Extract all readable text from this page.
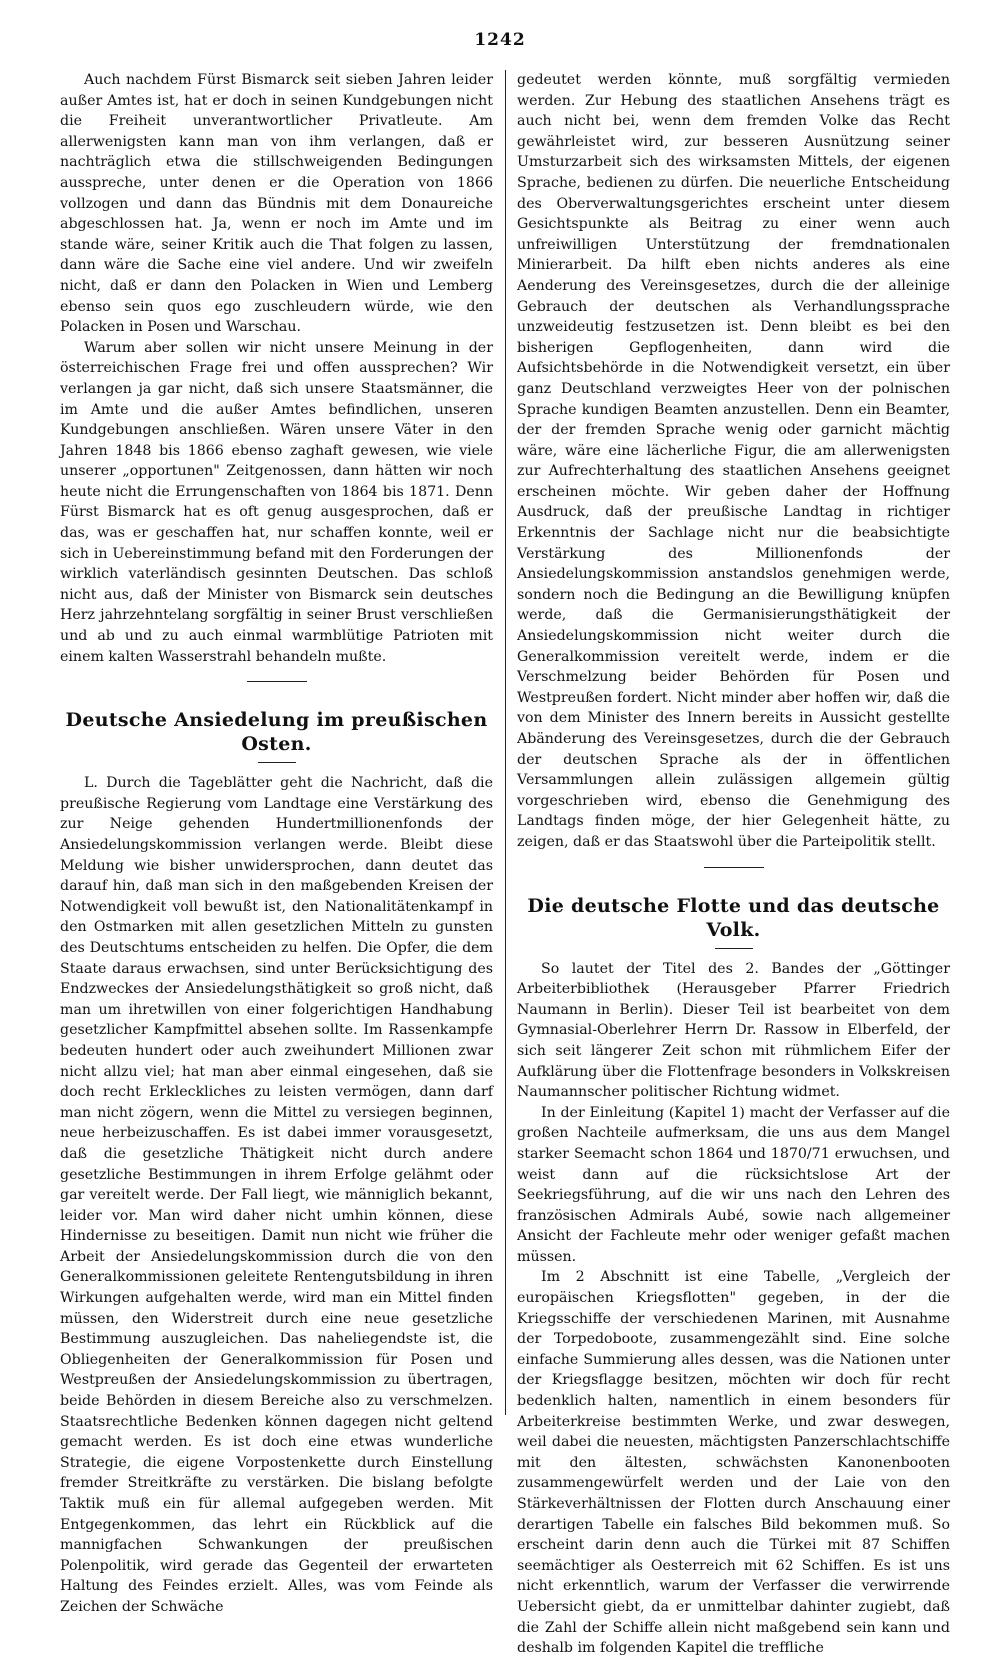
1242

Auch nachdem Fürst Bismarck seit sieben Jahren leider außer Amtes ist, hat er doch in seinen Kundgebungen nicht die Freiheit unverantwortlicher Privatleute. Am allerwenigsten kann man von ihm verlangen, daß er nachträglich etwa die stillschweigenden Bedingungen ausspreche, unter denen er die Operation von 1866 vollzogen und dann das Bündnis mit dem Donaureiche abgeschlossen hat. Ja, wenn er noch im Amte und im stande wäre, seiner Kritik auch die That folgen zu lassen, dann wäre die Sache eine viel andere. Und wir zweifeln nicht, daß er dann den Polacken in Wien und Lemberg ebenso sein quos ego zuschleudern würde, wie den Polacken in Posen und Warschau.

Warum aber sollen wir nicht unsere Meinung in der österreichischen Frage frei und offen aussprechen? Wir verlangen ja gar nicht, daß sich unsere Staatsmänner, die im Amte und die außer Amtes befindlichen, unseren Kundgebungen anschließen. Wären unsere Väter in den Jahren 1848 bis 1866 ebenso zaghaft gewesen, wie viele unserer „opportunen" Zeitgenossen, dann hätten wir noch heute nicht die Errungenschaften von 1864 bis 1871. Denn Fürst Bismarck hat es oft genug ausgesprochen, daß er das, was er geschaffen hat, nur schaffen konnte, weil er sich in Uebereinstimmung befand mit den Forderungen der wirklich vaterländisch gesinnten Deutschen. Das schloß nicht aus, daß der Minister von Bismarck sein deutsches Herz jahrzehntelang sorgfältig in seiner Brust verschließen und ab und zu auch einmal warmblütige Patrioten mit einem kalten Wasserstrahl behandeln mußte.

Deutsche Ansiedelung im preußischen Osten.

L. Durch die Tageblätter geht die Nachricht, daß die preußische Regierung vom Landtage eine Verstärkung des zur Neige gehenden Hundertmillionenfonds der Ansiedelungskommission verlangen werde. Bleibt diese Meldung wie bisher unwidersprochen, dann deutet das darauf hin, daß man sich in den maßgebenden Kreisen der Notwendigkeit voll bewußt ist, den Nationalitätenkampf in den Ostmarken mit allen gesetzlichen Mitteln zu gunsten des Deutschtums entscheiden zu helfen. Die Opfer, die dem Staate daraus erwachsen, sind unter Berücksichtigung des Endzweckes der Ansiedelungsthätigkeit so groß nicht, daß man um ihretwillen von einer folgerichtigen Handhabung gesetzlicher Kampfmittel absehen sollte. Im Rassenkampfe bedeuten hundert oder auch zweihundert Millionen zwar nicht allzu viel; hat man aber einmal eingesehen, daß sie doch recht Erkleckliches zu leisten vermögen, dann darf man nicht zögern, wenn die Mittel zu versiegen beginnen, neue herbeizuschaffen. Es ist dabei immer vorausgesetzt, daß die gesetzliche Thätigkeit nicht durch andere gesetzliche Bestimmungen in ihrem Erfolge gelähmt oder gar vereitelt werde. Der Fall liegt, wie männiglich bekannt, leider vor. Man wird daher nicht umhin können, diese Hindernisse zu beseitigen. Damit nun nicht wie früher die Arbeit der Ansiedelungskommission durch die von den Generalkommissionen geleitete Rentengutsbildung in ihren Wirkungen aufgehalten werde, wird man ein Mittel finden müssen, den Widerstreit durch eine neue gesetzliche Bestimmung auszugleichen. Das naheliegendste ist, die Obliegenheiten der Generalkommission für Posen und Westpreußen der Ansiedelungskommission zu übertragen, beide Behörden in diesem Bereiche also zu verschmelzen. Staatsrechtliche Bedenken können dagegen nicht geltend gemacht werden. Es ist doch eine etwas wunderliche Strategie, die eigene Vorpostenkette durch Einstellung fremder Streitkräfte zu verstärken. Die bislang befolgte Taktik muß ein für allemal aufgegeben werden. Mit Entgegenkommen, das lehrt ein Rückblick auf die mannigfachen Schwankungen der preußischen Polenpolitik, wird gerade das Gegenteil der erwarteten Haltung des Feindes erzielt. Alles, was vom Feinde als Zeichen der Schwäche

gedeutet werden könnte, muß sorgfältig vermieden werden. Zur Hebung des staatlichen Ansehens trägt es auch nicht bei, wenn dem fremden Volke das Recht gewährleistet wird, zur besseren Ausnützung seiner Umsturzarbeit sich des wirksamsten Mittels, der eigenen Sprache, bedienen zu dürfen. Die neuerliche Entscheidung des Oberverwaltungsgerichtes erscheint unter diesem Gesichtspunkte als Beitrag zu einer wenn auch unfreiwilligen Unterstützung der fremdnationalen Minierarbeit. Da hilft eben nichts anderes als eine Aenderung des Vereinsgesetzes, durch die der alleinige Gebrauch der deutschen als Verhandlungssprache unzweideutig festzusetzen ist. Denn bleibt es bei den bisherigen Gepflogenheiten, dann wird die Aufsichtsbehörde in die Notwendigkeit versetzt, ein über ganz Deutschland verzweigtes Heer von der polnischen Sprache kundigen Beamten anzustellen. Denn ein Beamter, der der fremden Sprache wenig oder garnicht mächtig wäre, wäre eine lächerliche Figur, die am allerwenigsten zur Aufrechterhaltung des staatlichen Ansehens geeignet erscheinen möchte. Wir geben daher der Hoffnung Ausdruck, daß der preußische Landtag in richtiger Erkenntnis der Sachlage nicht nur die beabsichtigte Verstärkung des Millionenfonds der Ansiedelungskommission anstandslos genehmigen werde, sondern noch die Bedingung an die Bewilligung knüpfen werde, daß die Germanisierungsthätigkeit der Ansiedelungskommission nicht weiter durch die Generalkommission vereitelt werde, indem er die Verschmelzung beider Behörden für Posen und Westpreußen fordert. Nicht minder aber hoffen wir, daß die von dem Minister des Innern bereits in Aussicht gestellte Abänderung des Vereinsgesetzes, durch die der Gebrauch der deutschen Sprache als der in öffentlichen Versammlungen allein zulässigen allgemein gültig vorgeschrieben wird, ebenso die Genehmigung des Landtags finden möge, der hier Gelegenheit hätte, zu zeigen, daß er das Staatswohl über die Parteipolitik stellt.

Die deutsche Flotte und das deutsche Volk.

So lautet der Titel des 2. Bandes der „Göttinger Arbeiterbibliothek (Herausgeber Pfarrer Friedrich Naumann in Berlin). Dieser Teil ist bearbeitet von dem Gymnasial-Oberlehrer Herrn Dr. Rassow in Elberfeld, der sich seit längerer Zeit schon mit rühmlichem Eifer der Aufklärung über die Flottenfrage besonders in Volkskreisen Naumannscher politischer Richtung widmet.

In der Einleitung (Kapitel 1) macht der Verfasser auf die großen Nachteile aufmerksam, die uns aus dem Mangel starker Seemacht schon 1864 und 1870/71 erwuchsen, und weist dann auf die rücksichtslose Art der Seekriegsführung, auf die wir uns nach den Lehren des französischen Admirals Aubé, sowie nach allgemeiner Ansicht der Fachleute mehr oder weniger gefaßt machen müssen.

Im 2 Abschnitt ist eine Tabelle, „Vergleich der europäischen Kriegsflotten" gegeben, in der die Kriegsschiffe der verschiedenen Marinen, mit Ausnahme der Torpedoboote, zusammengezählt sind. Eine solche einfache Summierung alles dessen, was die Nationen unter der Kriegsflagge besitzen, möchten wir doch für recht bedenklich halten, namentlich in einem besonders für Arbeiterkreise bestimmten Werke, und zwar deswegen, weil dabei die neuesten, mächtigsten Panzerschlachtschiffe mit den ältesten, schwächsten Kanonenbooten zusammengewürfelt werden und der Laie von den Stärkeverhältnissen der Flotten durch Anschauung einer derartigen Tabelle ein falsches Bild bekommen muß. So erscheint darin denn auch die Türkei mit 87 Schiffen seemächtiger als Oesterreich mit 62 Schiffen. Es ist uns nicht erkenntlich, warum der Verfasser die verwirrende Uebersicht giebt, da er unmittelbar dahinter zugiebt, daß die Zahl der Schiffe allein nicht maßgebend sein kann und deshalb im folgenden Kapitel die treffliche
